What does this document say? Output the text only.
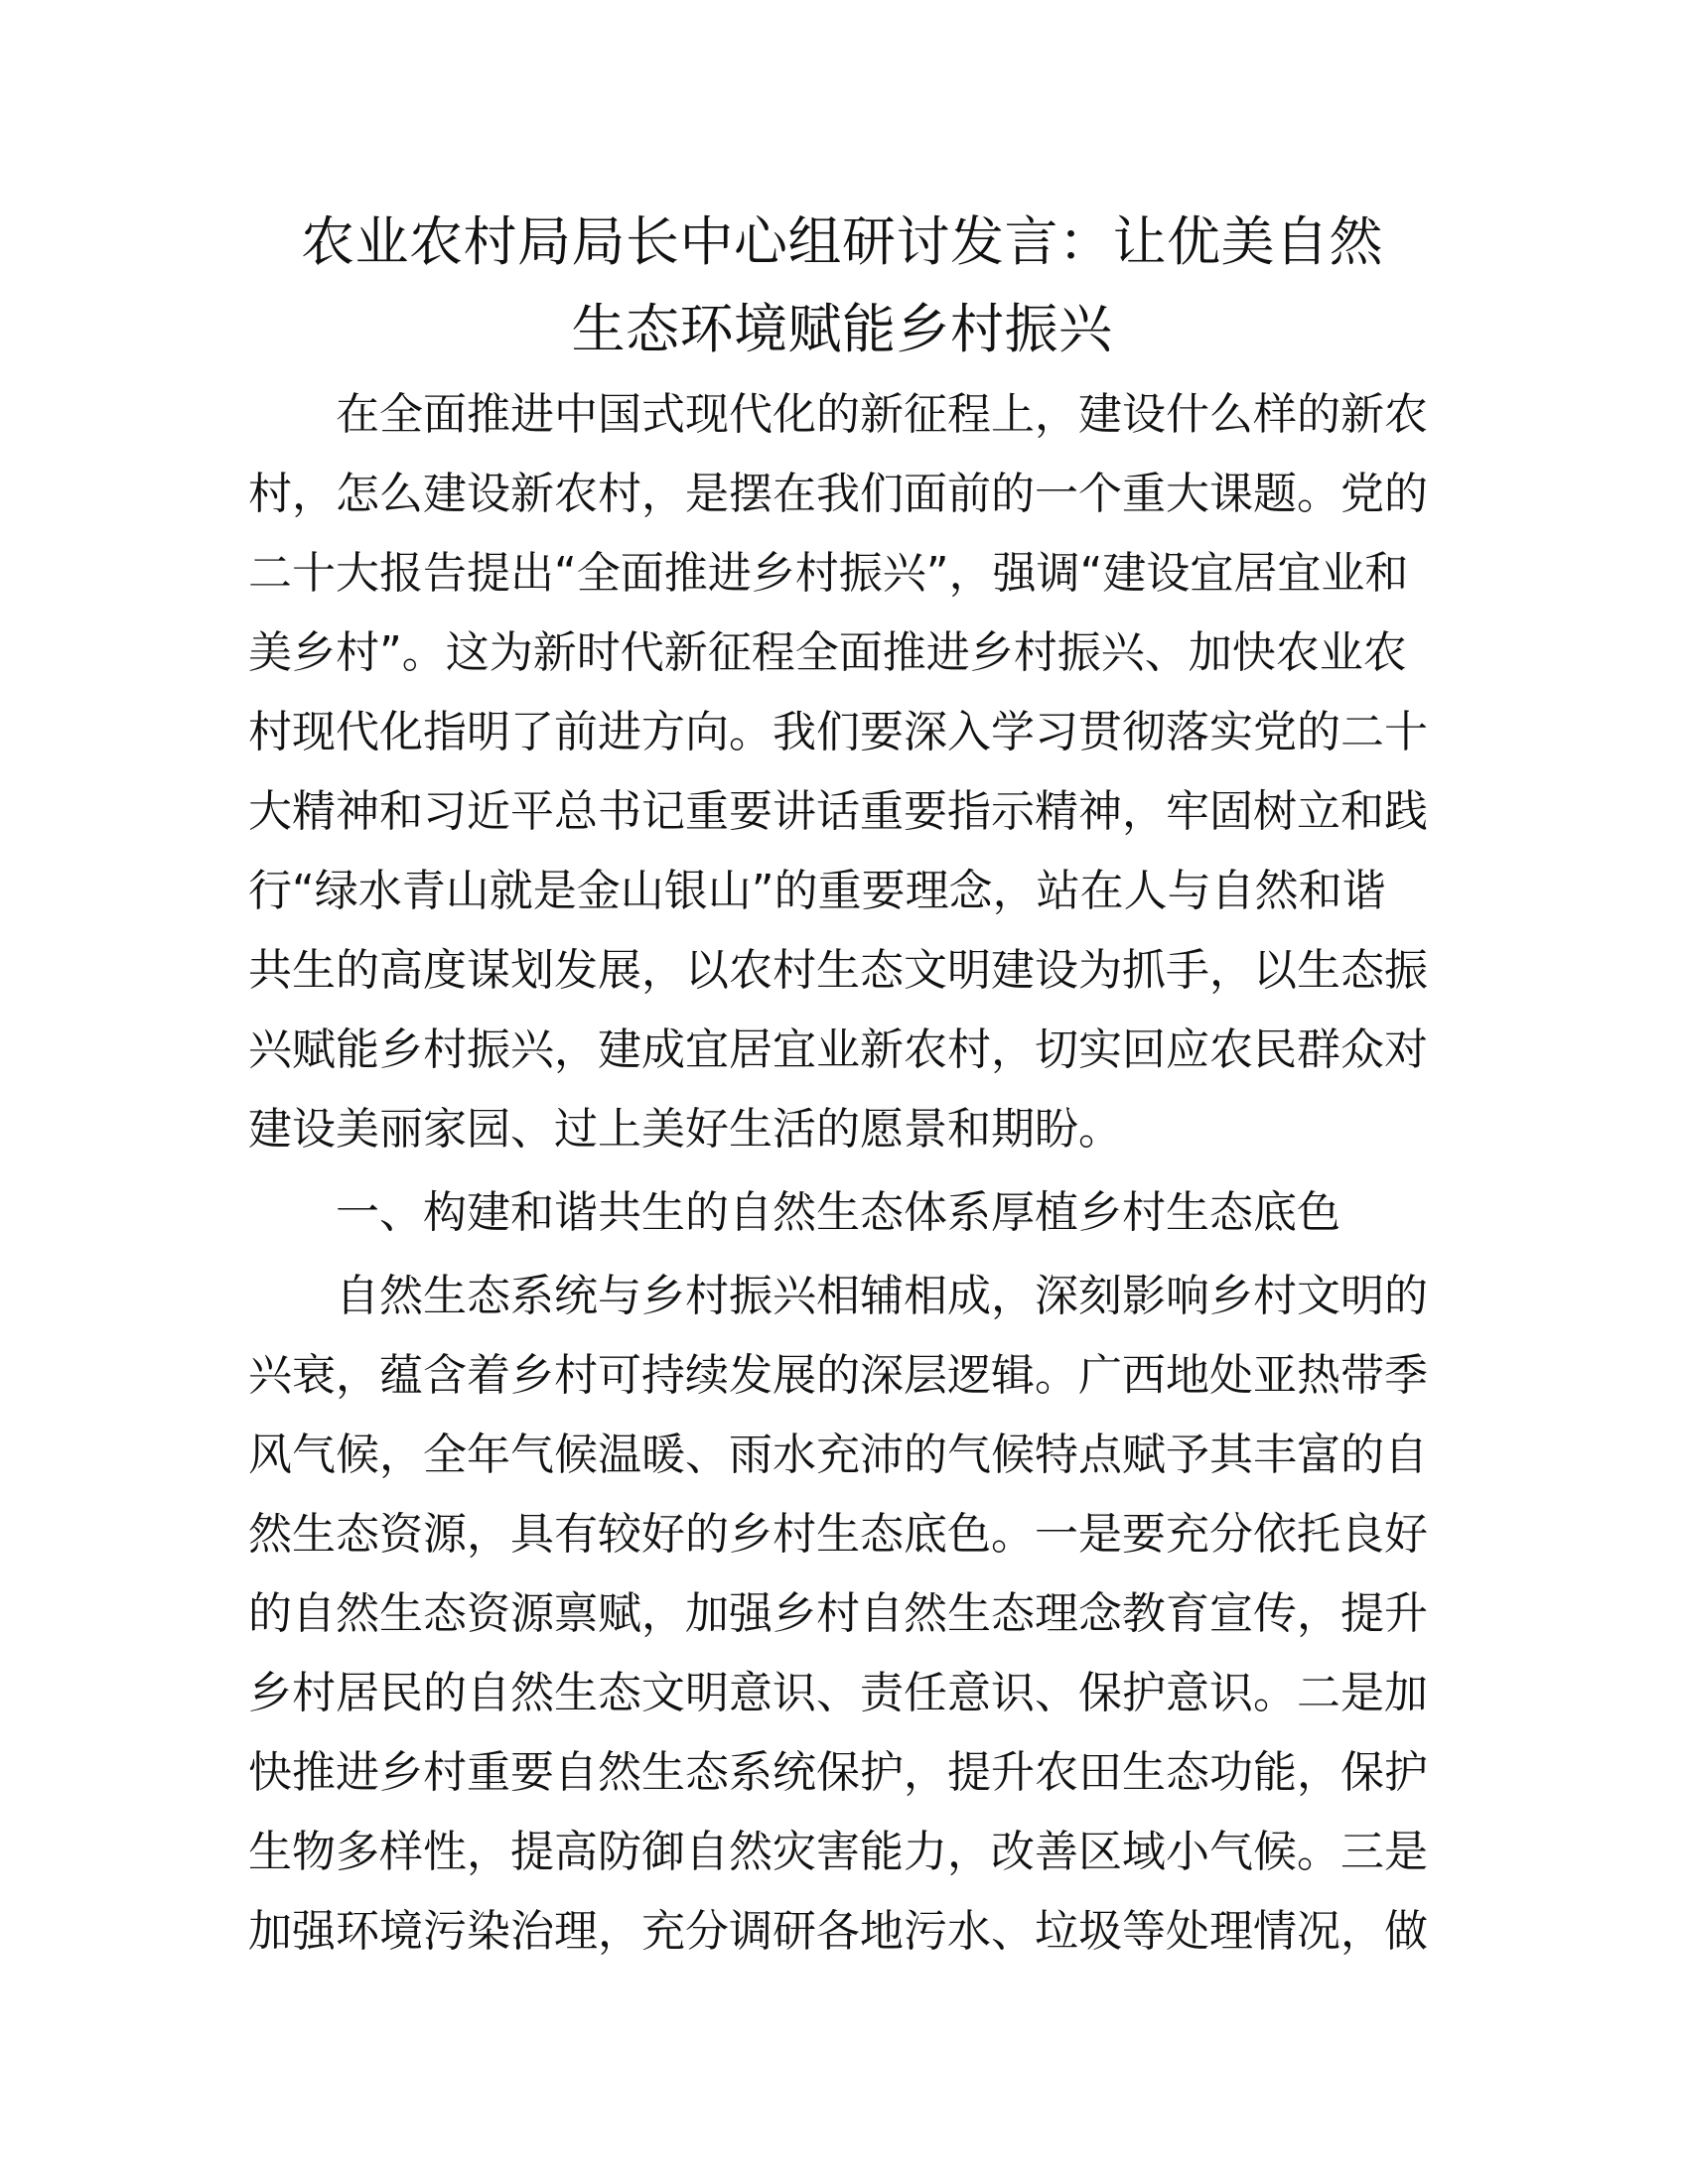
农业农村局局长中心组研讨发言：让优美自然
生态环境赋能乡村振兴

在全面推进中国式现代化的新征程上，建设什么样的新农
村，怎么建设新农村，是摆在我们面前的一个重大课题。党的
二十大报告提出“全面推进乡村振兴”，强调“建设宜居宜业和
美乡村”。这为新时代新征程全面推进乡村振兴、加快农业农
村现代化指明了前进方向。我们要深入学习贯彻落实党的二十
大精神和习近平总书记重要讲话重要指示精神，牢固树立和践
行“绿水青山就是金山银山”的重要理念，站在人与自然和谐
共生的高度谋划发展，以农村生态文明建设为抓手，以生态振
兴赋能乡村振兴，建成宜居宜业新农村，切实回应农民群众对
建设美丽家园、过上美好生活的愿景和期盼。

一、构建和谐共生的自然生态体系厚植乡村生态底色

自然生态系统与乡村振兴相辅相成，深刻影响乡村文明的
兴衰，蕴含着乡村可持续发展的深层逻辑。广西地处亚热带季
风气候，全年气候温暖、雨水充沛的气候特点赋予其丰富的自
然生态资源，具有较好的乡村生态底色。一是要充分依托良好
的自然生态资源禀赋，加强乡村自然生态理念教育宣传，提升
乡村居民的自然生态文明意识、责任意识、保护意识。二是加
快推进乡村重要自然生态系统保护，提升农田生态功能，保护
生物多样性，提高防御自然灾害能力，改善区域小气候。三是
加强环境污染治理，充分调研各地污水、垃圾等处理情况，做
